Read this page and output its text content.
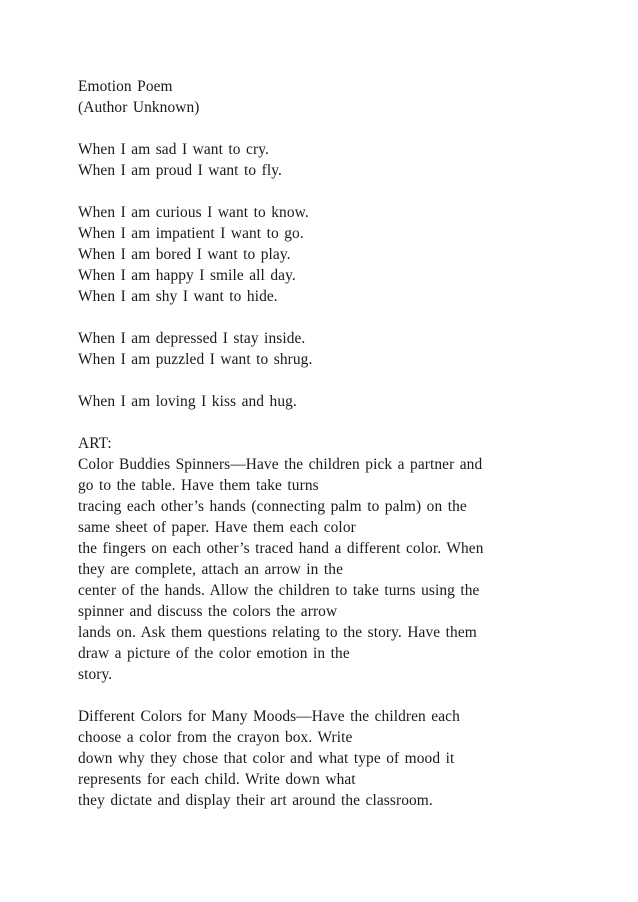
Emotion Poem
(Author Unknown)
When I am sad I want to cry.
When I am proud I want to fly.
When I am curious I want to know.
When I am impatient I want to go.
When I am bored I want to play.
When I am happy I smile all day.
When I am shy I want to hide.
When I am depressed I stay inside.
When I am puzzled I want to shrug.
When I am loving I kiss and hug.
ART:
Color Buddies Spinners—Have the children pick a partner and
go to the table. Have them take turns
tracing each other’s hands (connecting palm to palm) on the
same sheet of paper. Have them each color
the fingers on each other’s traced hand a different color. When
they are complete, attach an arrow in the
center of the hands. Allow the children to take turns using the
spinner and discuss the colors the arrow
lands on. Ask them questions relating to the story. Have them
draw a picture of the color emotion in the
story.
Different Colors for Many Moods—Have the children each
choose a color from the crayon box. Write
down why they chose that color and what type of mood it
represents for each child. Write down what
they dictate and display their art around the classroom.
